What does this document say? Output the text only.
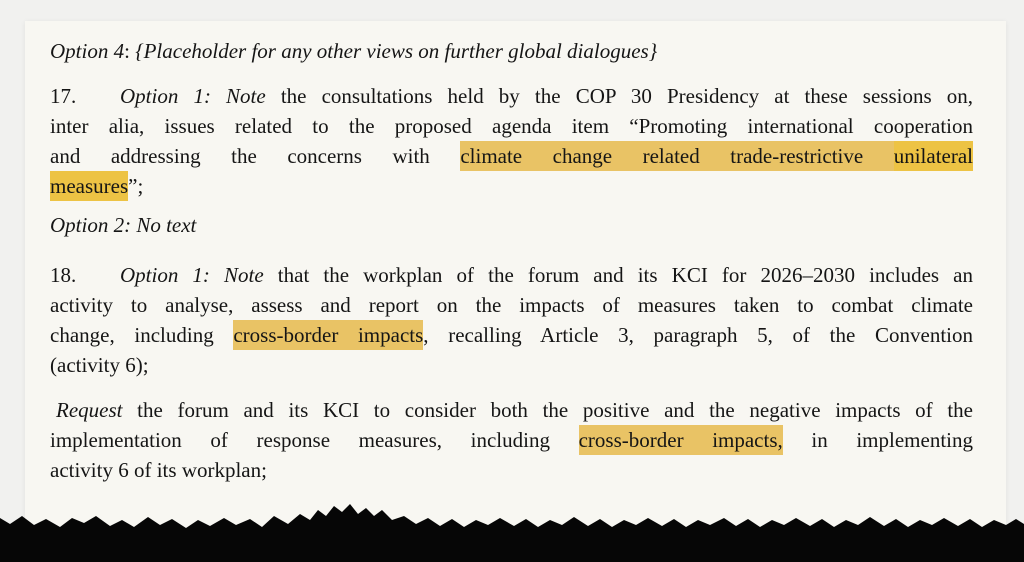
Option 4: {Placeholder for any other views on further global dialogues}
17. Option 1: Note the consultations held by the COP 30 Presidency at these sessions on,
inter alia, issues related to the proposed agenda item “Promoting international cooperation
and addressing the concerns with climate change related trade-restrictive unilateral
measures”;
Option 2: No text
18. Option 1: Note that the workplan of the forum and its KCI for 2026–2030 includes an
activity to analyse, assess and report on the impacts of measures taken to combat climate
change, including cross-border impacts, recalling Article 3, paragraph 5, of the Convention
(activity 6);
Request the forum and its KCI to consider both the positive and the negative impacts of the
implementation of response measures, including cross-border impacts, in implementing
activity 6 of its workplan;
